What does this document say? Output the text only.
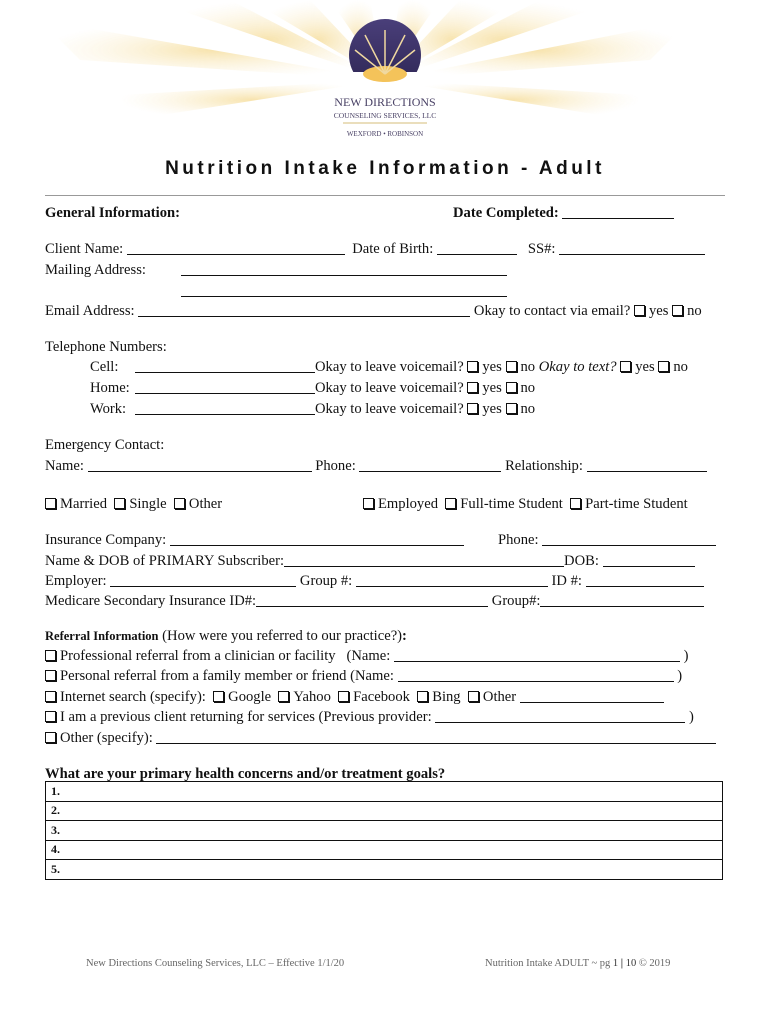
NEW DIRECTIONS
COUNSELING SERVICES, LLC
WEXFORD • ROBINSON
Nutrition Intake Information - Adult
General Information:	Date Completed:
Client Name:	Date of Birth:	SS#:
Mailing Address:
Email Address:	Okay to contact via email? yes no
Telephone Numbers:
Cell:	Okay to leave voicemail? yes no Okay to text? yes no
Home:	Okay to leave voicemail? yes no
Work:	Okay to leave voicemail? yes no
Emergency Contact:
Name:	Phone:	Relationship:
Married Single Other	Employed Full-time Student Part-time Student
Insurance Company:	Phone:
Name & DOB of PRIMARY Subscriber:	DOB:
Employer:	Group #:	ID #:
Medicare Secondary Insurance ID#:	Group#:
Referral Information (How were you referred to our practice?):
Professional referral from a clinician or facility (Name:	)
Personal referral from a family member or friend (Name:	)
Internet search (specify): Google Yahoo Facebook Bing Other
I am a previous client returning for services (Previous provider:	)
Other (specify):
What are your primary health concerns and/or treatment goals?
1.
2.
3.
4.
5.
New Directions Counseling Services, LLC – Effective 1/1/20	Nutrition Intake ADULT ~ pg 1 | 10 © 2019
